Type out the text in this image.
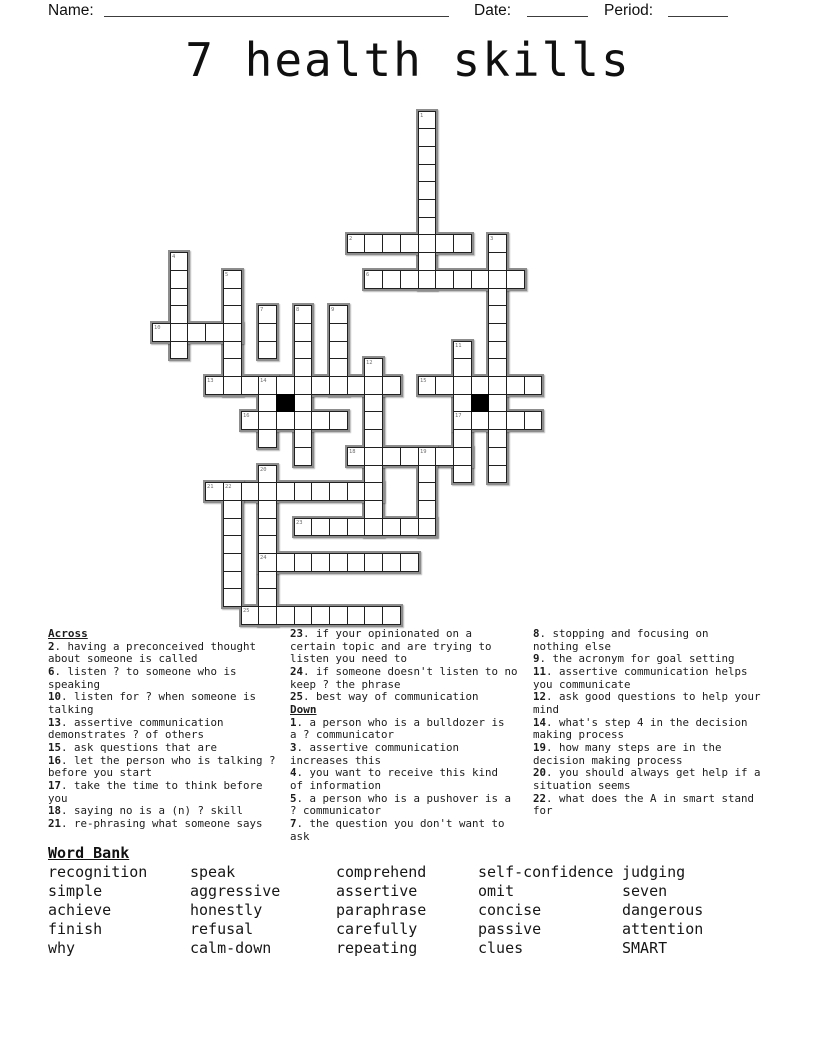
Name:	Date:	Period:
7 health skills
1
2	3
4
5	6
7	8	9
10
11
12
13	14	15
16	17
18	19
20
21 22
23
24
25
Across
2. having a preconceived thought
about someone is called
6. listen ? to someone who is
speaking
10. listen for ? when someone is
talking
13. assertive communication
demonstrates ? of others
15. ask questions that are
16. let the person who is talking ?
before you start
17. take the time to think before
you
18. saying no is a (n) ? skill
21. re-phrasing what someone says
23. if your opinionated on a
certain topic and are trying to
listen you need to
24. if someone doesn't listen to no
keep ? the phrase
25. best way of communication
Down
1. a person who is a bulldozer is
a ? communicator
3. assertive communication
increases this
4. you want to receive this kind
of information
5. a person who is a pushover is a
? communicator
7. the question you don't want to
ask
8. stopping and focusing on
nothing else
9. the acronym for goal setting
11. assertive communication helps
you communicate
12. ask good questions to help your
mind
14. what's step 4 in the decision
making process
19. how many steps are in the
decision making process
20. you should always get help if a
situation seems
22. what does the A in smart stand
for
Word Bank
recognition	speak	comprehend	self-confidence judging
simple	aggressive	assertive	omit	seven
achieve	honestly	paraphrase	concise	dangerous
finish	refusal	carefully	passive	attention
why	calm-down	repeating	clues	SMART
